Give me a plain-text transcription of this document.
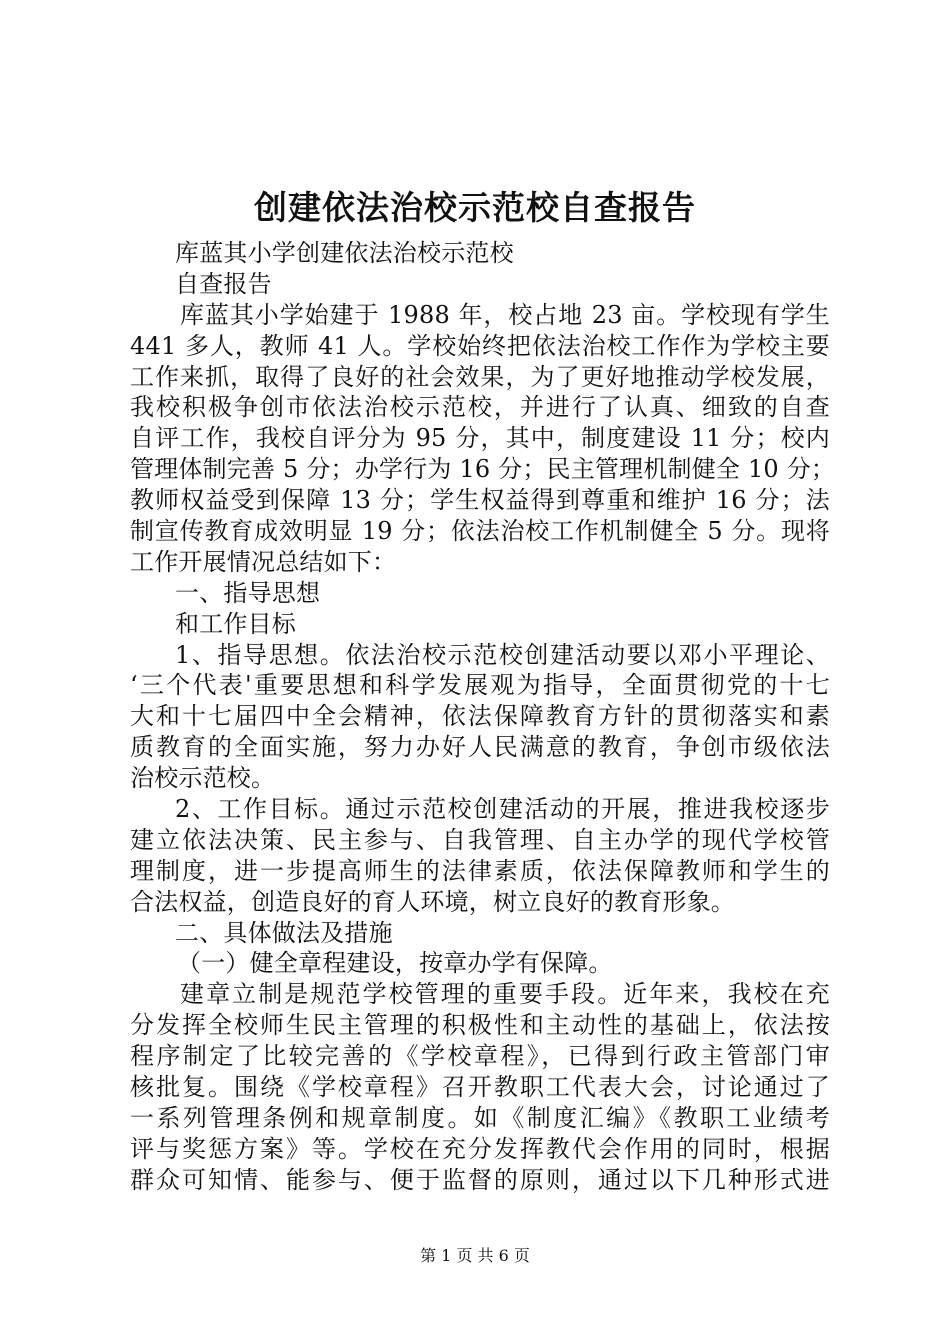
创建依法治校示范校自查报告
库蓝其小学创建依法治校示范校
自查报告
库蓝其小学始建于 1988 年，校占地 23 亩。学校现有学生
441 多人，教师 41 人。学校始终把依法治校工作作为学校主要
工作来抓，取得了良好的社会效果，为了更好地推动学校发展，
我校积极争创市依法治校示范校，并进行了认真、细致的自查
自评工作，我校自评分为 95 分，其中，制度建设 11 分；校内
管理体制完善 5 分；办学行为 16 分；民主管理机制健全 10 分；
教师权益受到保障 13 分；学生权益得到尊重和维护 16 分；法
制宣传教育成效明显 19 分；依法治校工作机制健全 5 分。现将
工作开展情况总结如下：
一、指导思想
和工作目标
1、指导思想。依法治校示范校创建活动要以邓小平理论、
‘三个代表'重要思想和科学发展观为指导，全面贯彻党的十七
大和十七届四中全会精神，依法保障教育方针的贯彻落实和素
质教育的全面实施，努力办好人民满意的教育，争创市级依法
治校示范校。
2、工作目标。通过示范校创建活动的开展，推进我校逐步
建立依法决策、民主参与、自我管理、自主办学的现代学校管
理制度，进一步提高师生的法律素质，依法保障教师和学生的
合法权益，创造良好的育人环境，树立良好的教育形象。
二、具体做法及措施
（一）健全章程建设，按章办学有保障。
建章立制是规范学校管理的重要手段。近年来，我校在充
分发挥全校师生民主管理的积极性和主动性的基础上，依法按
程序制定了比较完善的《学校章程》，已得到行政主管部门审
核批复。围绕《学校章程》召开教职工代表大会，讨论通过了
一系列管理条例和规章制度。如《制度汇编》《教职工业绩考
评与奖惩方案》等。学校在充分发挥教代会作用的同时，根据
群众可知情、能参与、便于监督的原则，通过以下几种形式进
第 1 页 共 6 页
